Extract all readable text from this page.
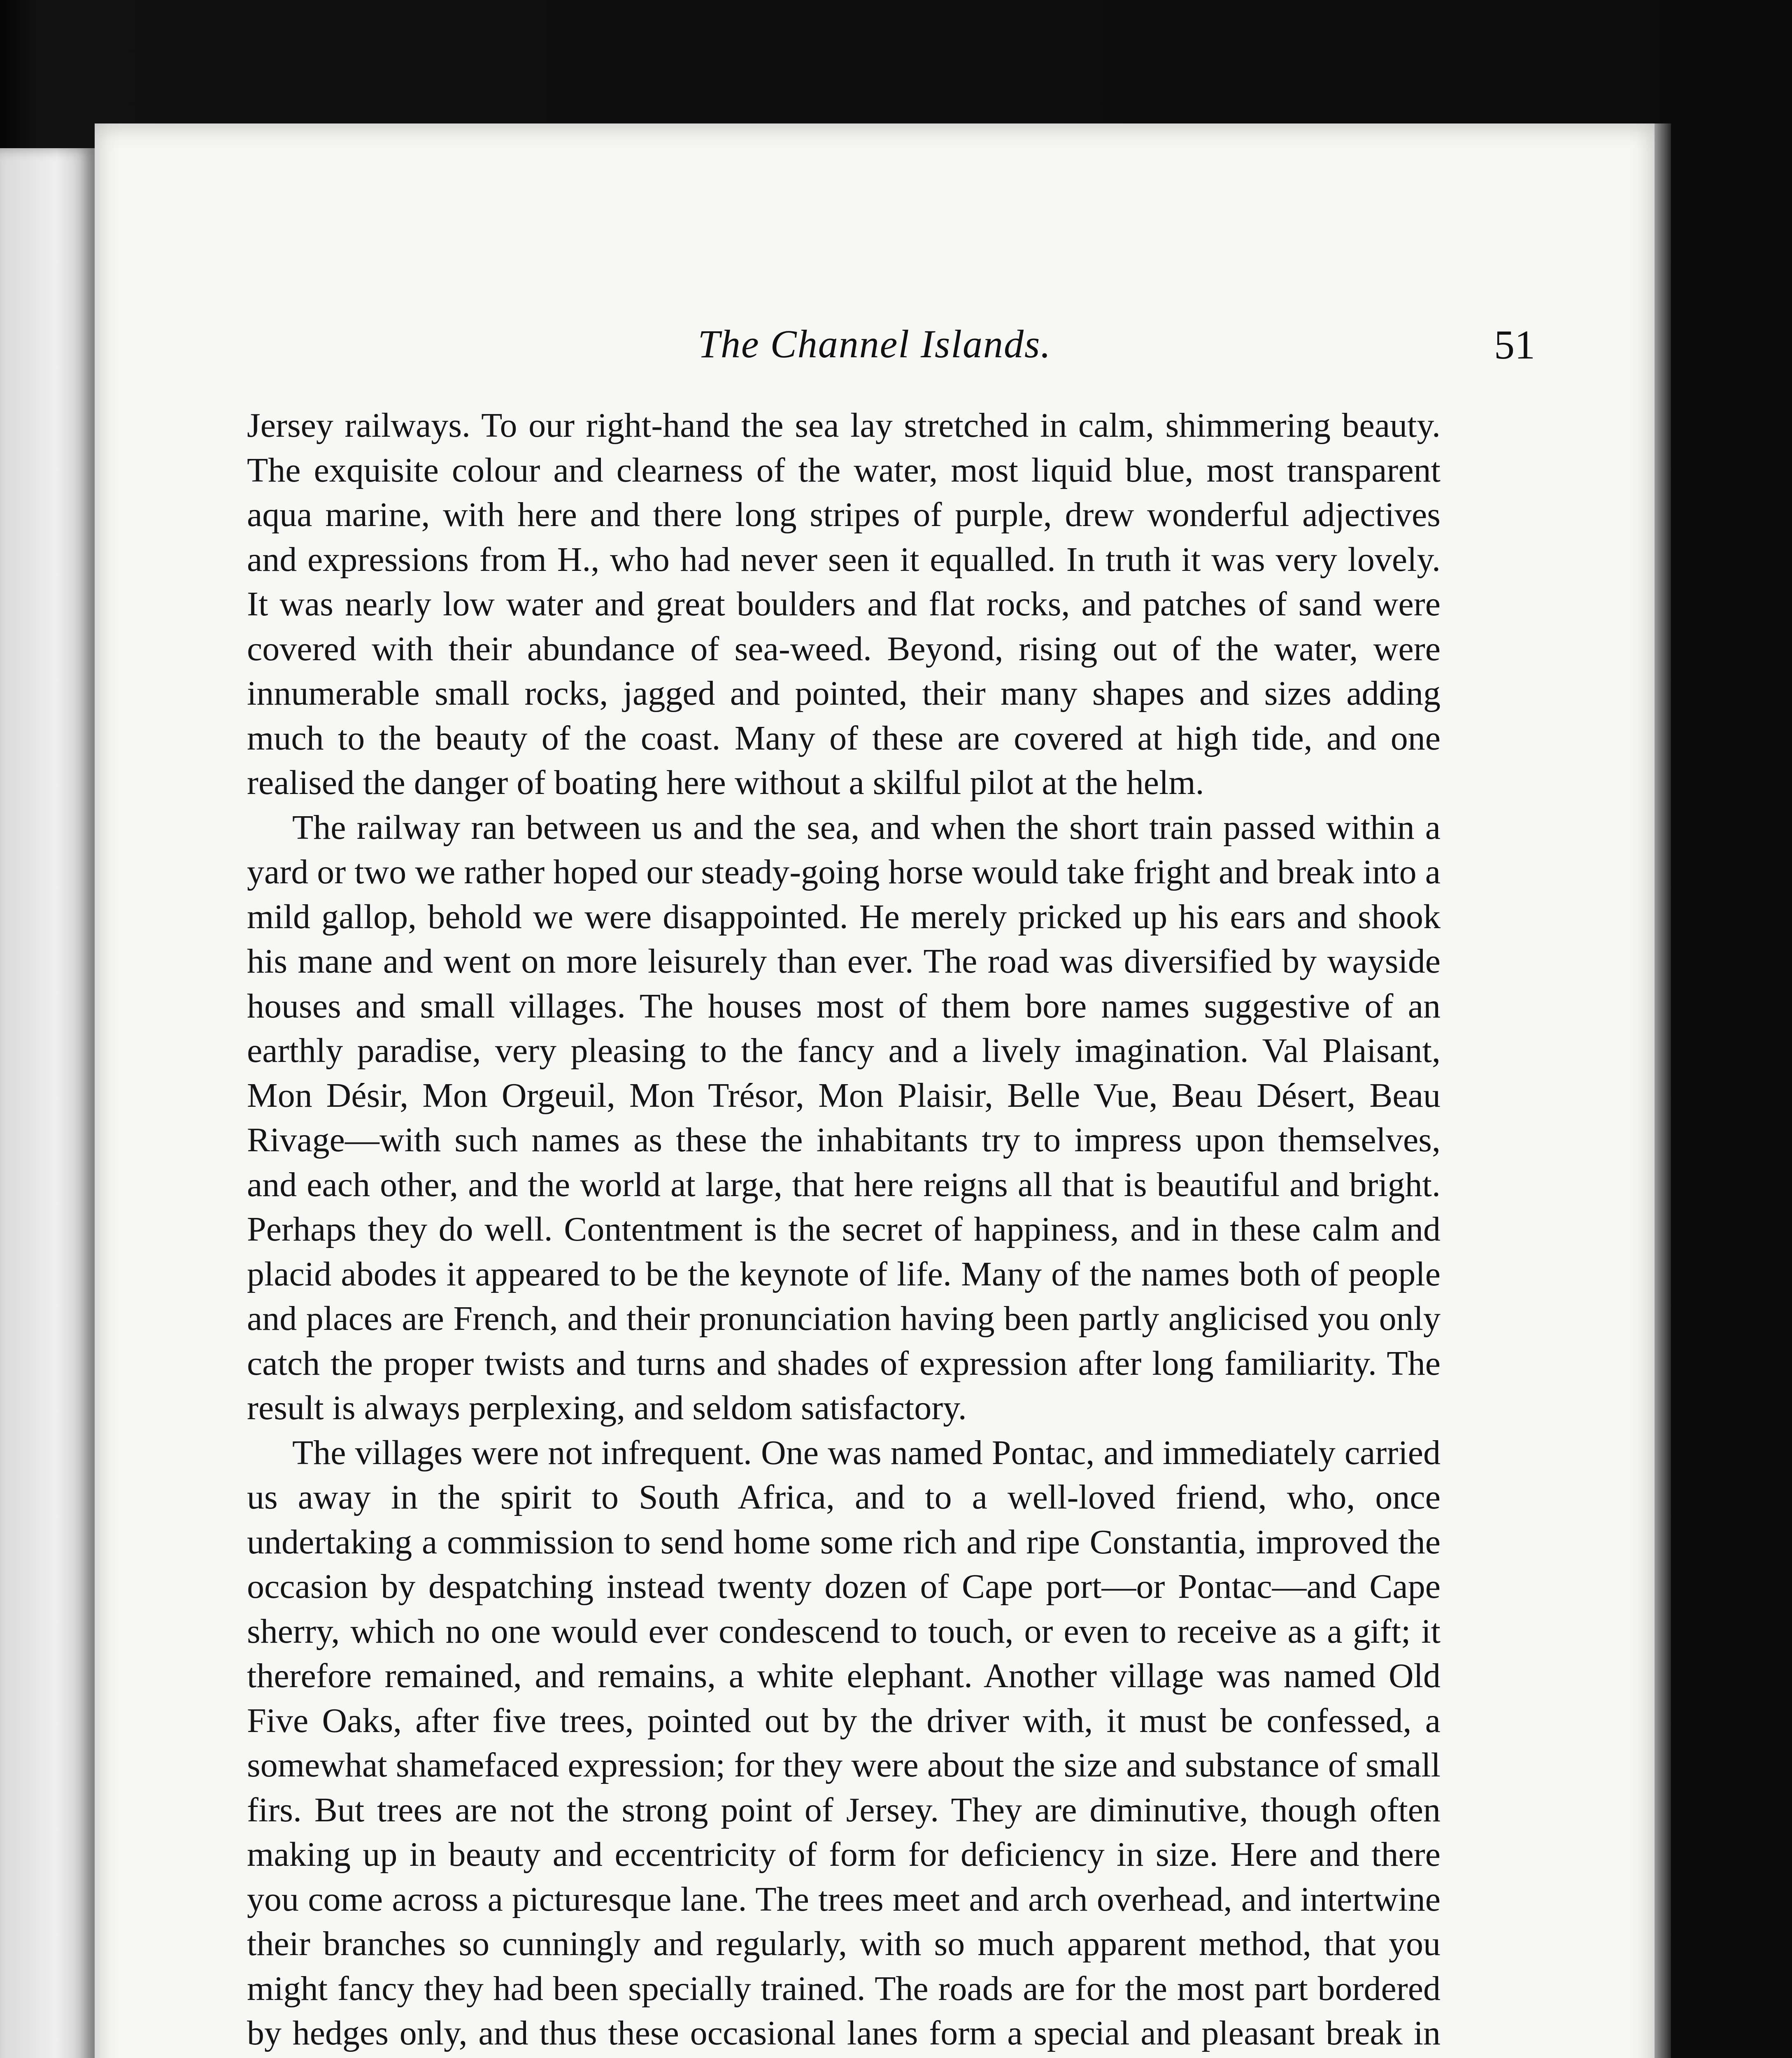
The Channel Islands.	51

Jersey railways. To our right-hand the sea lay stretched in calm, shimmering beauty. The exquisite colour and clearness of the water, most liquid blue, most transparent aqua marine, with here and there long stripes of purple, drew wonderful adjectives and expressions from H., who had never seen it equalled. In truth it was very lovely. It was nearly low water and great boulders and flat rocks, and patches of sand were covered with their abundance of sea-weed. Beyond, rising out of the water, were innumerable small rocks, jagged and pointed, their many shapes and sizes adding much to the beauty of the coast. Many of these are covered at high tide, and one realised the danger of boating here without a skilful pilot at the helm.

The railway ran between us and the sea, and when the short train passed within a yard or two we rather hoped our steady-going horse would take fright and break into a mild gallop, behold we were disappointed. He merely pricked up his ears and shook his mane and went on more leisurely than ever. The road was diversified by wayside houses and small villages. The houses most of them bore names suggestive of an earthly paradise, very pleasing to the fancy and a lively imagination. Val Plaisant, Mon Désir, Mon Orgeuil, Mon Trésor, Mon Plaisir, Belle Vue, Beau Désert, Beau Rivage—with such names as these the inhabitants try to impress upon themselves, and each other, and the world at large, that here reigns all that is beautiful and bright. Perhaps they do well. Contentment is the secret of happiness, and in these calm and placid abodes it appeared to be the keynote of life. Many of the names both of people and places are French, and their pronunciation having been partly anglicised you only catch the proper twists and turns and shades of expression after long familiarity. The result is always perplexing, and seldom satisfactory.

The villages were not infrequent. One was named Pontac, and immediately carried us away in the spirit to South Africa, and to a well-loved friend, who, once undertaking a commission to send home some rich and ripe Constantia, improved the occasion by despatching instead twenty dozen of Cape port—or Pontac—and Cape sherry, which no one would ever condescend to touch, or even to receive as a gift; it therefore remained, and remains, a white elephant. Another village was named Old Five Oaks, after five trees, pointed out by the driver with, it must be confessed, a somewhat shamefaced expression; for they were about the size and substance of small firs. But trees are not the strong point of Jersey. They are diminutive, though often making up in beauty and eccentricity of form for deficiency in size. Here and there you come across a picturesque lane. The trees meet and arch overhead, and intertwine their branches so cunningly and regularly, with so much apparent method, that you might fancy they had been specially trained. The roads are for the most part bordered by hedges only, and thus these occasional lanes form a special and pleasant break in
